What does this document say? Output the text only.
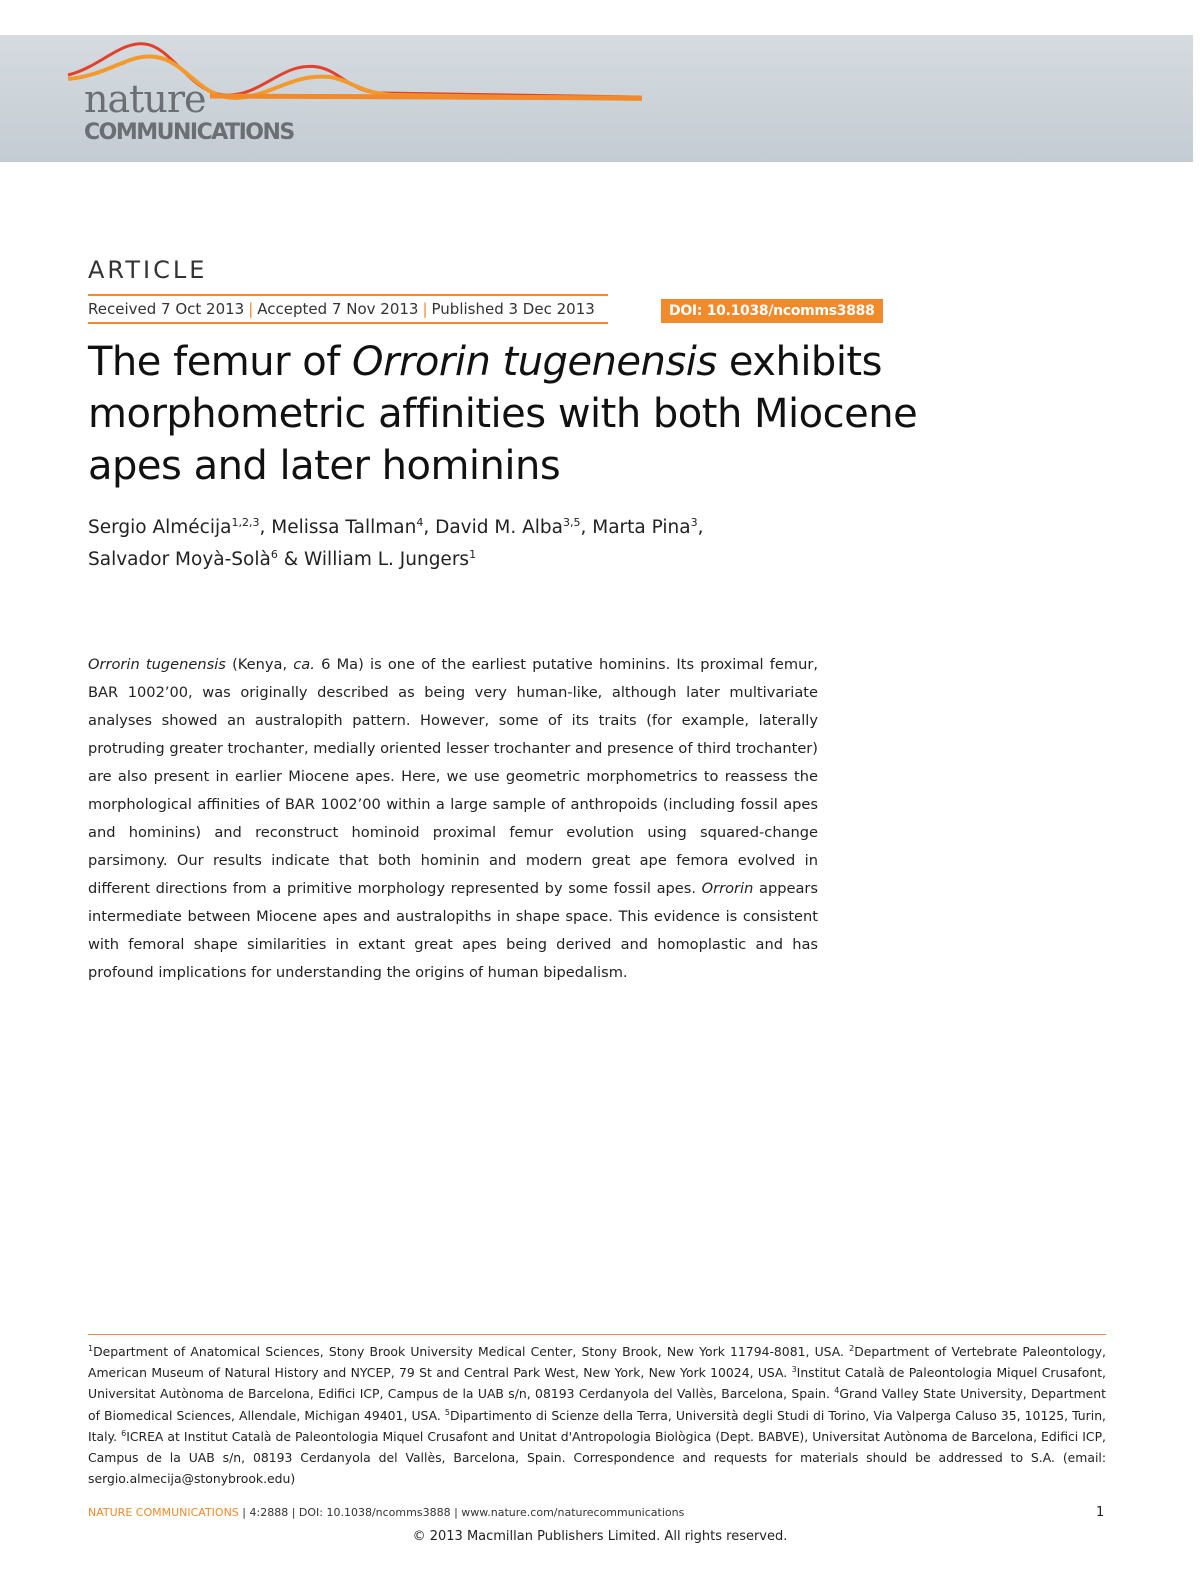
nature

COMMUNICATIONS

ARTICLE

Received 7 Oct 2013 | Accepted 7 Nov 2013 | Published 3 Dec 2013	DOI: 10.1038/ncomms3888
The femur of Orrorin tugenensis exhibits morphometric affinities with both Miocene apes and later hominins

Sergio Almécija$^{1,2,3}$, Melissa Tallman$^4$, David M. Alba$^{3,5}$, Marta Pina$^3$,
Salvador Moyà-Solà$^6$ & William L. Jungers$^1$

Orrorin tugenensis (Kenya, ca. 6 Ma) is one of the earliest putative hominins. Its proximal femur, BAR 1002’00, was originally described as being very human-like, although later multivariate analyses showed an australopith pattern. However, some of its traits (for example, laterally protruding greater trochanter, medially oriented lesser trochanter and presence of third trochanter) are also present in earlier Miocene apes. Here, we use geometric morphometrics to reassess the morphological affinities of BAR 1002’00 within a large sample of anthropoids (including fossil apes and hominins) and reconstruct hominoid proximal femur evolution using squared-change parsimony. Our results indicate that both hominin and modern great ape femora evolved in different directions from a primitive morphology represented by some fossil apes. Orrorin appears intermediate between Miocene apes and australopiths in shape space. This evidence is consistent with femoral shape similarities in extant great apes being derived and homoplastic and has profound implications for understanding the origins of human bipedalism.

$^1$Department of Anatomical Sciences, Stony Brook University Medical Center, Stony Brook, New York 11794-8081, USA. $^2$Department of Vertebrate Paleontology, American Museum of Natural History and NYCEP, 79 St and Central Park West, New York, New York 10024, USA. $^3$Institut Català de Paleontologia Miquel Crusafont, Universitat Autònoma de Barcelona, Edifici ICP, Campus de la UAB s/n, 08193 Cerdanyola del Vallès, Barcelona, Spain. $^4$Grand Valley State University, Department of Biomedical Sciences, Allendale, Michigan 49401, USA. $^5$Dipartimento di Scienze della Terra, Università degli Studi di Torino, Via Valperga Caluso 35, 10125, Turin, Italy. $^6$ICREA at Institut Català de Paleontologia Miquel Crusafont and Unitat d'Antropologia Biològica (Dept. BABVE), Universitat Autònoma de Barcelona, Edifici ICP, Campus de la UAB s/n, 08193 Cerdanyola del Vallès, Barcelona, Spain. Correspondence and requests for materials should be addressed to S.A. (email: sergio.almecija@stonybrook.edu)

NATURE COMMUNICATIONS | 4:2888 | DOI: 10.1038/ncomms3888 | www.nature.com/naturecommunications	1

© 2013 Macmillan Publishers Limited. All rights reserved.
